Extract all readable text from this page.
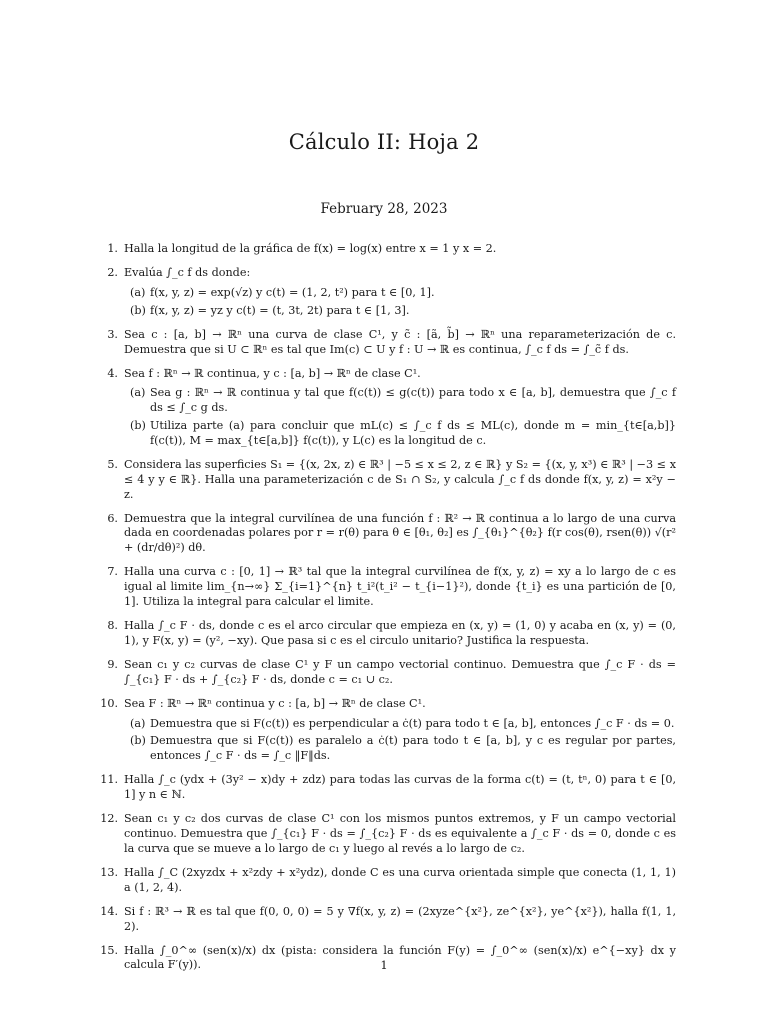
Cálculo II: Hoja 2
February 28, 2023
1. Halla la longitud de la gráfica de f(x) = log(x) entre x = 1 y x = 2.
2. Evalúa ∫_c f ds donde:
(a) f(x, y, z) = exp(√z) y c(t) = (1, 2, t²) para t ∈ [0, 1].
(b) f(x, y, z) = yz y c(t) = (t, 3t, 2t) para t ∈ [1, 3].
3. Sea c : [a, b] → ℝⁿ una curva de clase C¹, y c̃ : [ã, b̃] → ℝⁿ una reparameterización de c. Demuestra que si U ⊂ ℝⁿ es tal que Im(c) ⊂ U y f : U → ℝ es continua, ∫_c f ds = ∫_c̃ f ds.
4. Sea f : ℝⁿ → ℝ continua, y c : [a, b] → ℝⁿ de clase C¹.
(a) Sea g : ℝⁿ → ℝ continua y tal que f(c(t)) ≤ g(c(t)) para todo x ∈ [a, b], demuestra que ∫_c f ds ≤ ∫_c g ds.
(b) Utiliza parte (a) para concluir que mL(c) ≤ ∫_c f ds ≤ ML(c), donde m = min_{t∈[a,b]} f(c(t)), M = max_{t∈[a,b]} f(c(t)), y L(c) es la longitud de c.
5. Considera las superficies S₁ = {(x, 2x, z) ∈ ℝ³ | −5 ≤ x ≤ 2, z ∈ ℝ} y S₂ = {(x, y, x³) ∈ ℝ³ | −3 ≤ x ≤ 4 y y ∈ ℝ}. Halla una parameterización c de S₁ ∩ S₂, y calcula ∫_c f ds donde f(x, y, z) = x²y − z.
6. Demuestra que la integral curvilínea de una función f : ℝ² → ℝ continua a lo largo de una curva dada en coordenadas polares por r = r(θ) para θ ∈ [θ₁, θ₂] es ∫_{θ₁}^{θ₂} f(r cos(θ), rsen(θ)) √(r² + (dr/dθ)²) dθ.
7. Halla una curva c : [0, 1] → ℝ³ tal que la integral curvilínea de f(x, y, z) = xy a lo largo de c es igual al limite lim_{n→∞} Σ_{i=1}^{n} t_i²(t_i² − t_{i−1}²), donde {t_i} es una partición de [0, 1]. Utiliza la integral para calcular el limite.
8. Halla ∫_c F · ds, donde c es el arco circular que empieza en (x, y) = (1, 0) y acaba en (x, y) = (0, 1), y F(x, y) = (y², −xy). Que pasa si c es el circulo unitario? Justifica la respuesta.
9. Sean c₁ y c₂ curvas de clase C¹ y F un campo vectorial continuo. Demuestra que ∫_c F · ds = ∫_{c₁} F · ds + ∫_{c₂} F · ds, donde c = c₁ ∪ c₂.
10. Sea F : ℝⁿ → ℝⁿ continua y c : [a, b] → ℝⁿ de clase C¹.
(a) Demuestra que si F(c(t)) es perpendicular a ċ(t) para todo t ∈ [a, b], entonces ∫_c F · ds = 0.
(b) Demuestra que si F(c(t)) es paralelo a ċ(t) para todo t ∈ [a, b], y c es regular por partes, entonces ∫_c F · ds = ∫_c ‖F‖ds.
11. Halla ∫_c (ydx + (3y² − x)dy + zdz) para todas las curvas de la forma c(t) = (t, tⁿ, 0) para t ∈ [0, 1] y n ∈ ℕ.
12. Sean c₁ y c₂ dos curvas de clase C¹ con los mismos puntos extremos, y F un campo vectorial continuo. Demuestra que ∫_{c₁} F · ds = ∫_{c₂} F · ds es equivalente a ∫_c F · ds = 0, donde c es la curva que se mueve a lo largo de c₁ y luego al revés a lo largo de c₂.
13. Halla ∫_C (2xyzdx + x²zdy + x²ydz), donde C es una curva orientada simple que conecta (1, 1, 1) a (1, 2, 4).
14. Si f : ℝ³ → ℝ es tal que f(0, 0, 0) = 5 y ∇f(x, y, z) = (2xyze^{x²}, ze^{x²}, ye^{x²}), halla f(1, 1, 2).
15. Halla ∫_0^∞ (sen(x)/x) dx (pista: considera la función F(y) = ∫_0^∞ (sen(x)/x) e^{−xy} dx y calcula F′(y)).	1
